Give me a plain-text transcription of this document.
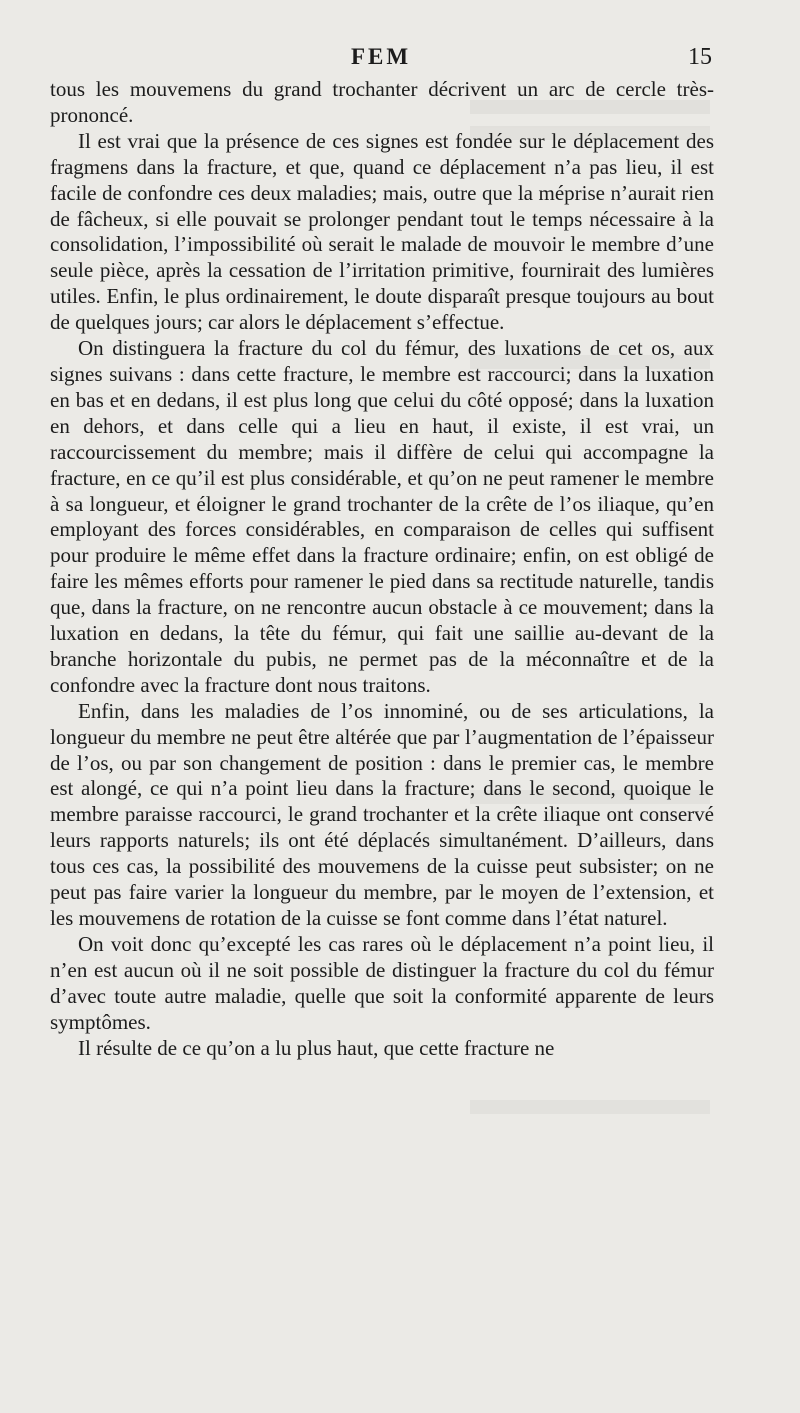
FEM	15

tous les mouvemens du grand trochanter décrivent un arc de cercle très-prononcé.

Il est vrai que la présence de ces signes est fondée sur le déplacement des fragmens dans la fracture, et que, quand ce déplacement n’a pas lieu, il est facile de confondre ces deux maladies; mais, outre que la méprise n’aurait rien de fâcheux, si elle pouvait se prolonger pendant tout le temps nécessaire à la consolidation, l’impossibilité où serait le malade de mouvoir le membre d’une seule pièce, après la cessation de l’irritation primitive, fournirait des lumières utiles. Enfin, le plus ordinairement, le doute disparaît presque toujours au bout de quelques jours; car alors le déplacement s’effectue.

On distinguera la fracture du col du fémur, des luxations de cet os, aux signes suivans : dans cette fracture, le membre est raccourci; dans la luxation en bas et en dedans, il est plus long que celui du côté opposé; dans la luxation en dehors, et dans celle qui a lieu en haut, il existe, il est vrai, un raccourcissement du membre; mais il diffère de celui qui accompagne la fracture, en ce qu’il est plus considérable, et qu’on ne peut ramener le membre à sa longueur, et éloigner le grand trochanter de la crête de l’os iliaque, qu’en employant des forces considérables, en comparaison de celles qui suffisent pour produire le même effet dans la fracture ordinaire; enfin, on est obligé de faire les mêmes efforts pour ramener le pied dans sa rectitude naturelle, tandis que, dans la fracture, on ne rencontre aucun obstacle à ce mouvement; dans la luxation en dedans, la tête du fémur, qui fait une saillie au-devant de la branche horizontale du pubis, ne permet pas de la méconnaître et de la confondre avec la fracture dont nous traitons.

Enfin, dans les maladies de l’os innominé, ou de ses articulations, la longueur du membre ne peut être altérée que par l’augmentation de l’épaisseur de l’os, ou par son changement de position : dans le premier cas, le membre est alongé, ce qui n’a point lieu dans la fracture; dans le second, quoique le membre paraisse raccourci, le grand trochanter et la crête iliaque ont conservé leurs rapports naturels; ils ont été déplacés simultanément. D’ailleurs, dans tous ces cas, la possibilité des mouvemens de la cuisse peut subsister; on ne peut pas faire varier la longueur du membre, par le moyen de l’extension, et les mouvemens de rotation de la cuisse se font comme dans l’état naturel.

On voit donc qu’excepté les cas rares où le déplacement n’a point lieu, il n’en est aucun où il ne soit possible de distinguer la fracture du col du fémur d’avec toute autre maladie, quelle que soit la conformité apparente de leurs symptômes.

Il résulte de ce qu’on a lu plus haut, que cette fracture ne
